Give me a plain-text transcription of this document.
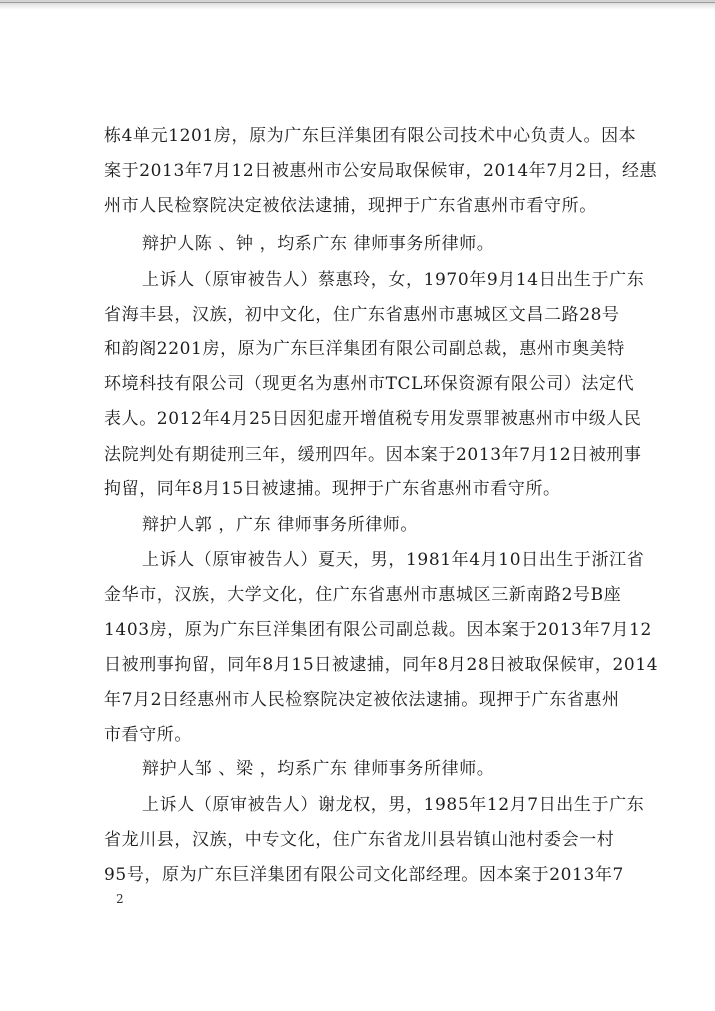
栋4单元1201房，原为广东巨洋集团有限公司技术中心负责人。因本
案于2013年7月12日被惠州市公安局取保候审，2014年7月2日，经惠
州市人民检察院决定被依法逮捕，现押于广东省惠州市看守所。
辩护人陈 、钟 ，均系广东 律师事务所律师。
上诉人（原审被告人）蔡惠玲，女，1970年9月14日出生于广东
省海丰县，汉族，初中文化，住广东省惠州市惠城区文昌二路28号
和韵阁2201房，原为广东巨洋集团有限公司副总裁，惠州市奥美特
环境科技有限公司（现更名为惠州市TCL环保资源有限公司）法定代
表人。2012年4月25日因犯虚开增值税专用发票罪被惠州市中级人民
法院判处有期徒刑三年，缓刑四年。因本案于2013年7月12日被刑事
拘留，同年8月15日被逮捕。现押于广东省惠州市看守所。
辩护人郭 ，广东 律师事务所律师。
上诉人（原审被告人）夏天，男，1981年4月10日出生于浙江省
金华市，汉族，大学文化，住广东省惠州市惠城区三新南路2号B座
1403房，原为广东巨洋集团有限公司副总裁。因本案于2013年7月12
日被刑事拘留，同年8月15日被逮捕，同年8月28日被取保候审，2014
年7月2日经惠州市人民检察院决定被依法逮捕。现押于广东省惠州
市看守所。
辩护人邹 、梁 ，均系广东 律师事务所律师。
上诉人（原审被告人）谢龙权，男，1985年12月7日出生于广东
省龙川县，汉族，中专文化，住广东省龙川县岩镇山池村委会一村
95号，原为广东巨洋集团有限公司文化部经理。因本案于2013年7
2
